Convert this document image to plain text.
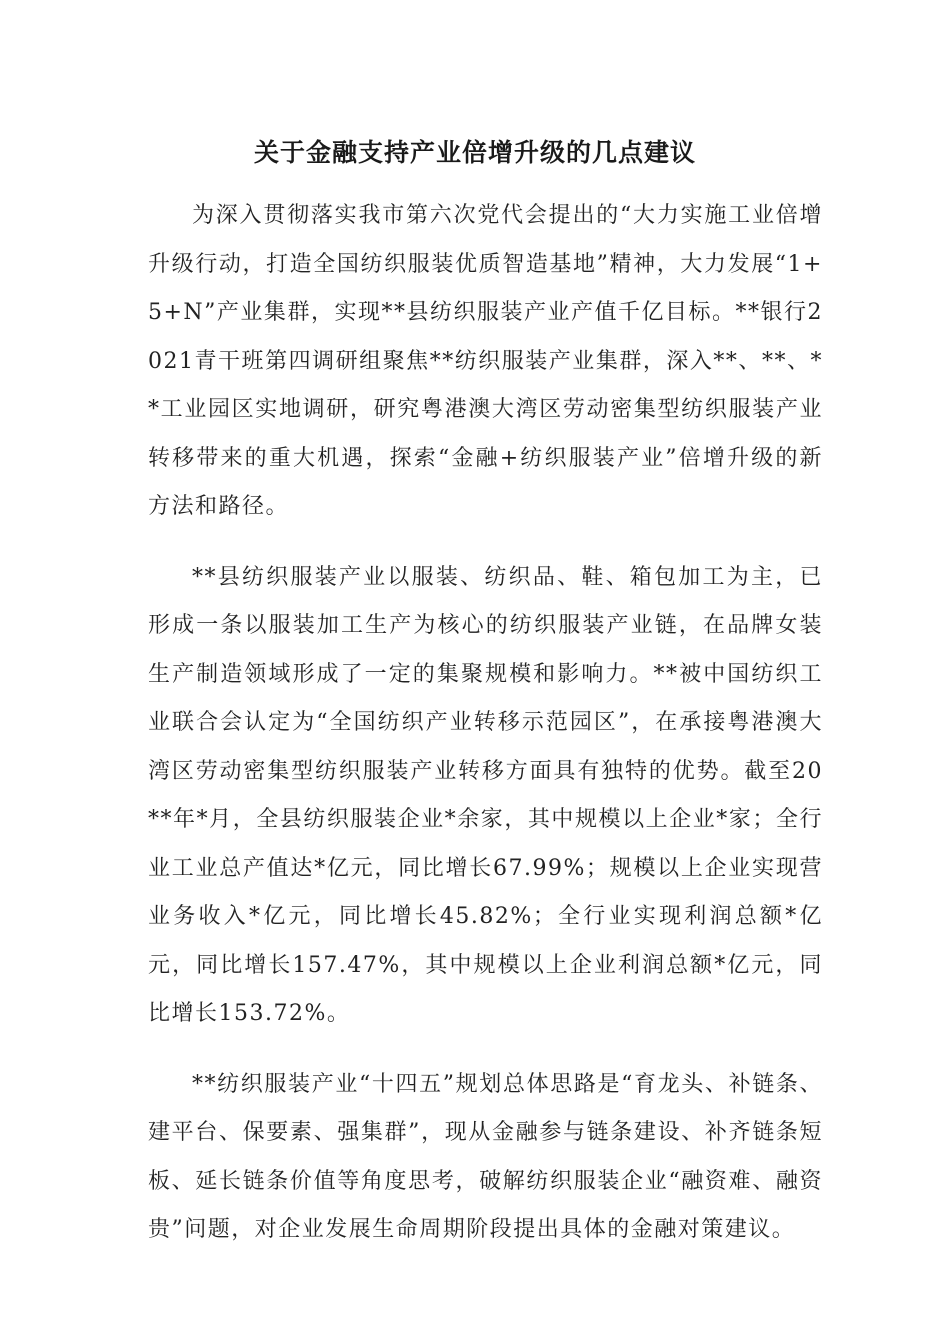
关于金融支持产业倍增升级的几点建议

为深入贯彻落实我市第六次党代会提出的“大力实施工业倍增升级行动，打造全国纺织服装优质智造基地”精神，大力发展“1+5+N”产业集群，实现**县纺织服装产业产值千亿目标。**银行2021青干班第四调研组聚焦**纺织服装产业集群，深入**、**、**工业园区实地调研，研究粤港澳大湾区劳动密集型纺织服装产业转移带来的重大机遇，探索“金融+纺织服装产业”倍增升级的新方法和路径。

**县纺织服装产业以服装、纺织品、鞋、箱包加工为主，已形成一条以服装加工生产为核心的纺织服装产业链，在品牌女装生产制造领域形成了一定的集聚规模和影响力。**被中国纺织工业联合会认定为“全国纺织产业转移示范园区”，在承接粤港澳大湾区劳动密集型纺织服装产业转移方面具有独特的优势。截至20**年*月，全县纺织服装企业*余家，其中规模以上企业*家；全行业工业总产值达*亿元，同比增长67.99%；规模以上企业实现营业务收入*亿元，同比增长45.82%；全行业实现利润总额*亿元，同比增长157.47%，其中规模以上企业利润总额*亿元，同比增长153.72%。

**纺织服装产业“十四五”规划总体思路是“育龙头、补链条、建平台、保要素、强集群”，现从金融参与链条建设、补齐链条短板、延长链条价值等角度思考，破解纺织服装企业“融资难、融资贵”问题，对企业发展生命周期阶段提出具体的金融对策建议。
